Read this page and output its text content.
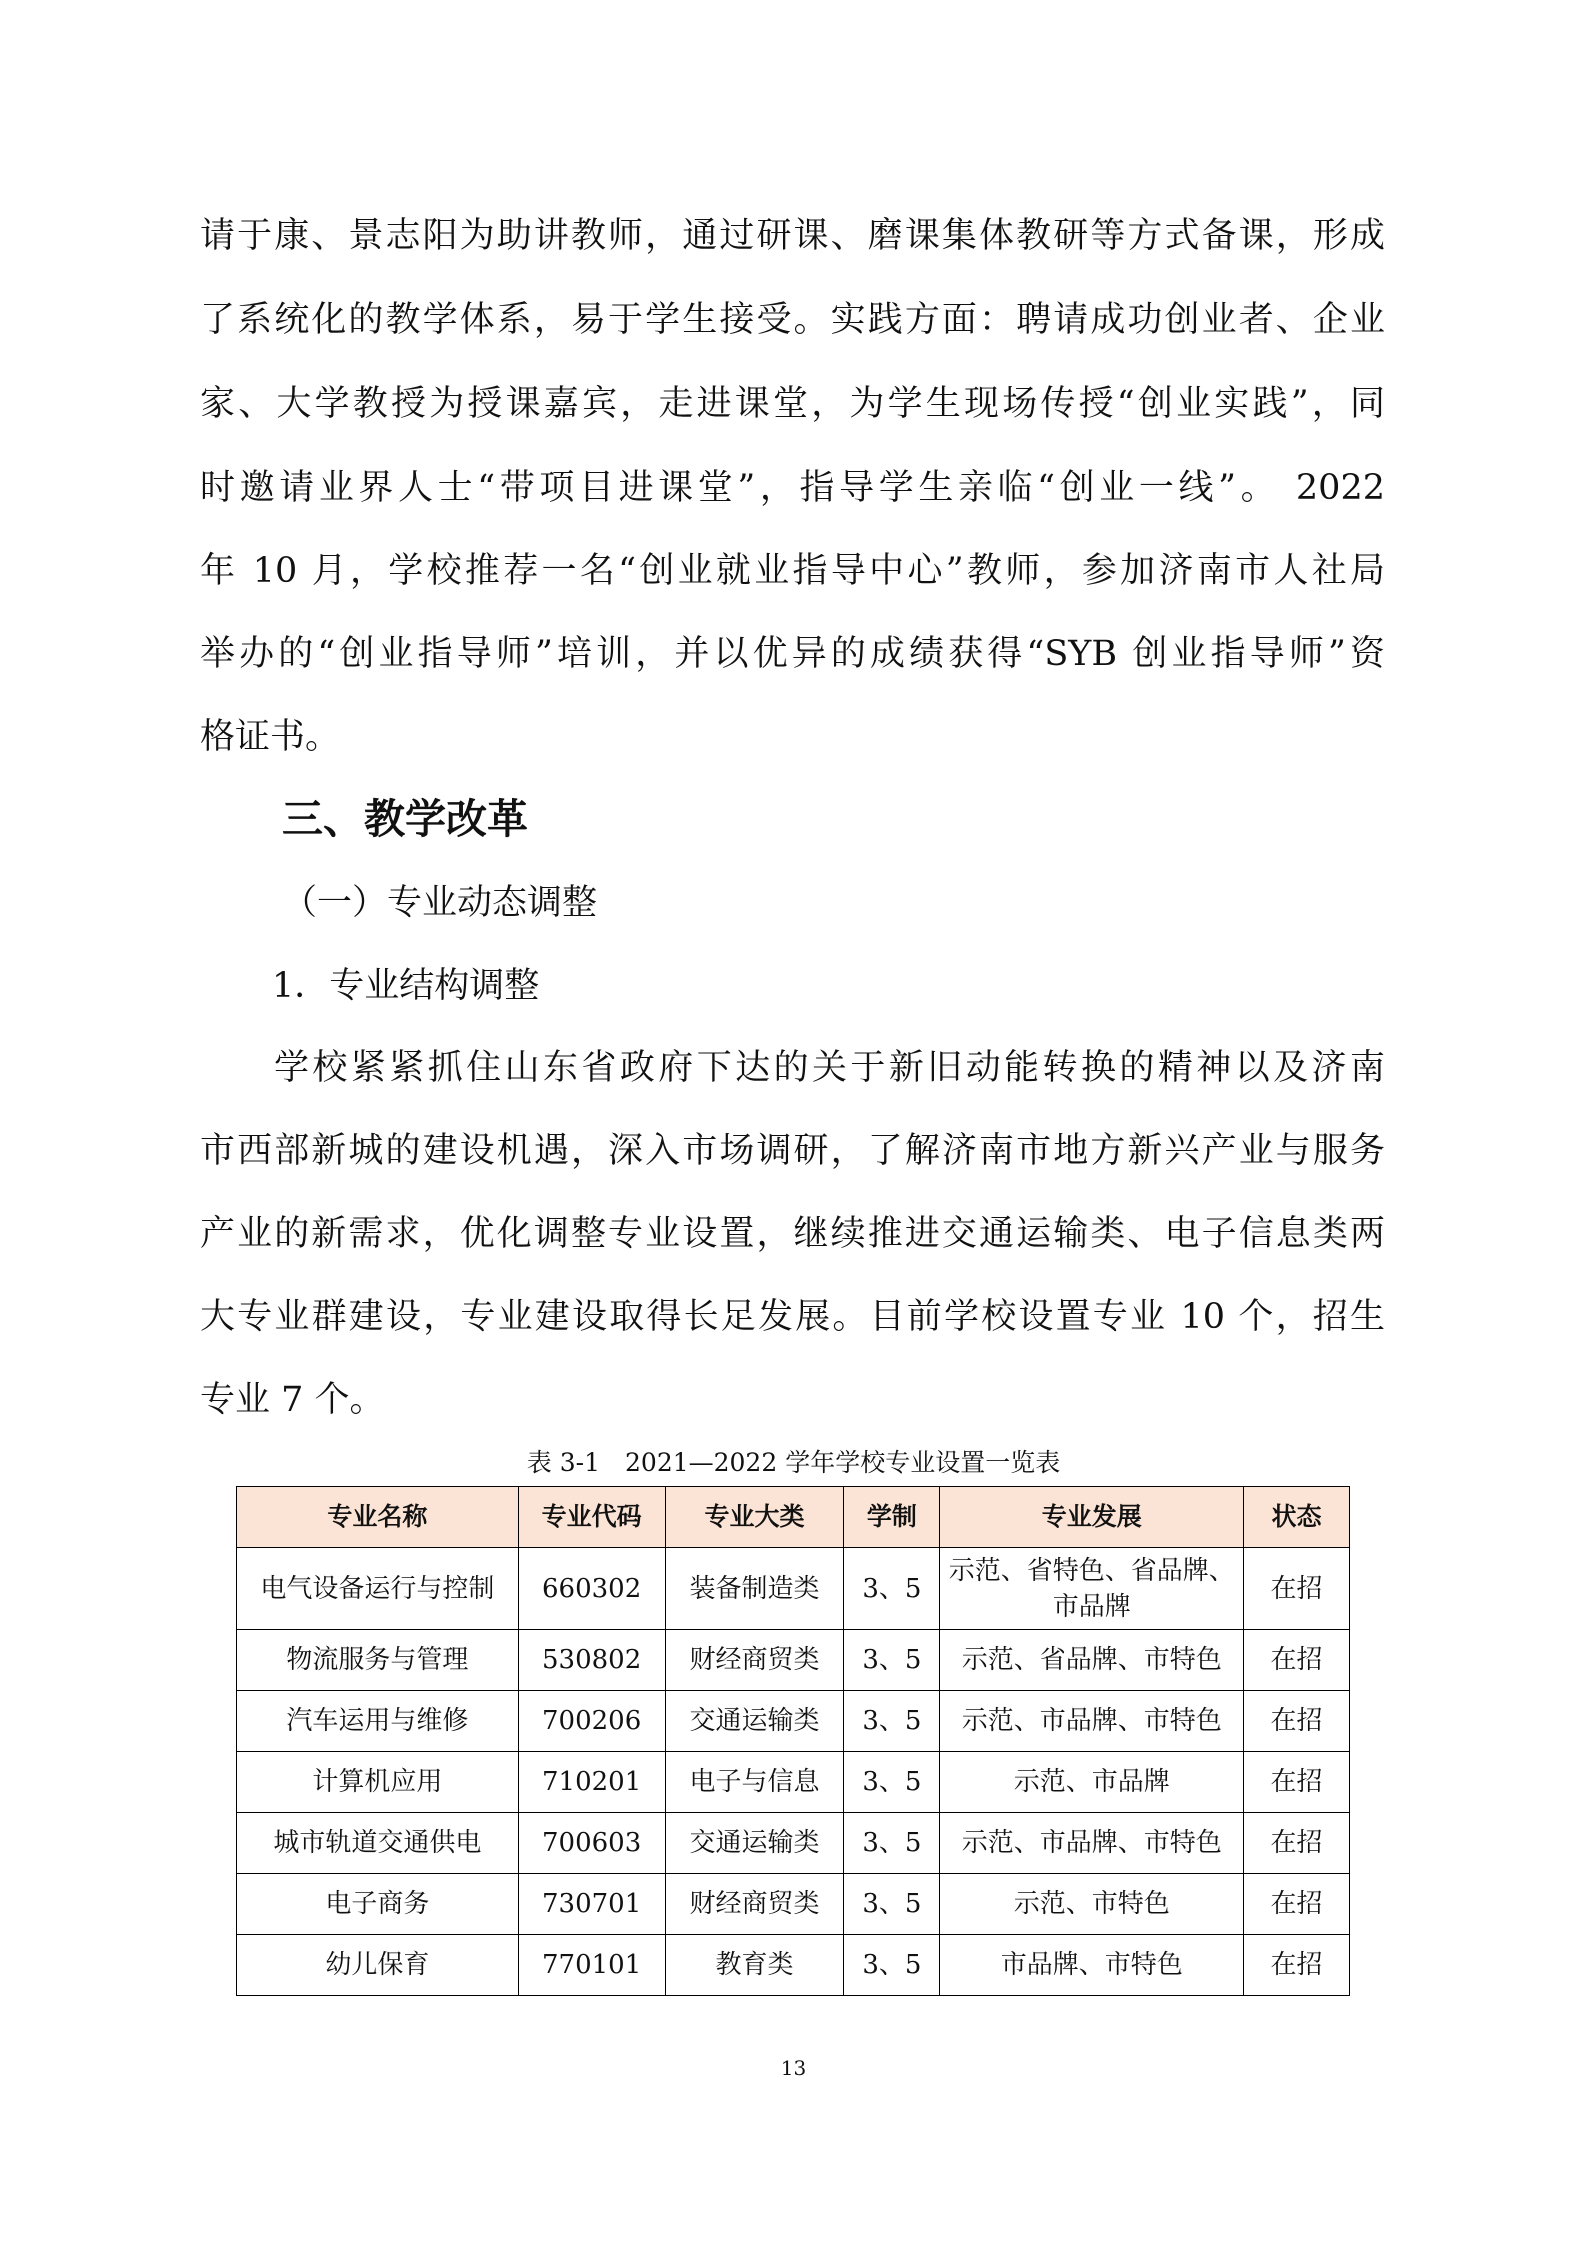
请于康、景志阳为助讲教师，通过研课、磨课集体教研等方式备课，形成
了系统化的教学体系，易于学生接受。实践方面：聘请成功创业者、企业
家、大学教授为授课嘉宾，走进课堂，为学生现场传授“创业实践”，同
时邀请业界人士“带项目进课堂”，指导学生亲临“创业一线”。 2022
年 10 月，学校推荐一名“创业就业指导中心”教师，参加济南市人社局
举办的“创业指导师”培训，并以优异的成绩获得“SYB 创业指导师”资
格证书。
三、教学改革
（一）专业动态调整
1．专业结构调整
学校紧紧抓住山东省政府下达的关于新旧动能转换的精神以及济南
市西部新城的建设机遇，深入市场调研，了解济南市地方新兴产业与服务
产业的新需求，优化调整专业设置，继续推进交通运输类、电子信息类两
大专业群建设，专业建设取得长足发展。目前学校设置专业 10 个，招生
专业 7 个。
表 3-1　2021—2022 学年学校专业设置一览表
专业名称	专业代码	专业大类	学制	专业发展	状态
电气设备运行与控制	660302	装备制造类	3、5	示范、省特色、省品牌、市品牌	在招
物流服务与管理	530802	财经商贸类	3、5	示范、省品牌、市特色	在招
汽车运用与维修	700206	交通运输类	3、5	示范、市品牌、市特色	在招
计算机应用	710201	电子与信息	3、5	示范、市品牌	在招
城市轨道交通供电	700603	交通运输类	3、5	示范、市品牌、市特色	在招
电子商务	730701	财经商贸类	3、5	示范、市特色	在招
幼儿保育	770101	教育类	3、5	市品牌、市特色	在招
13
